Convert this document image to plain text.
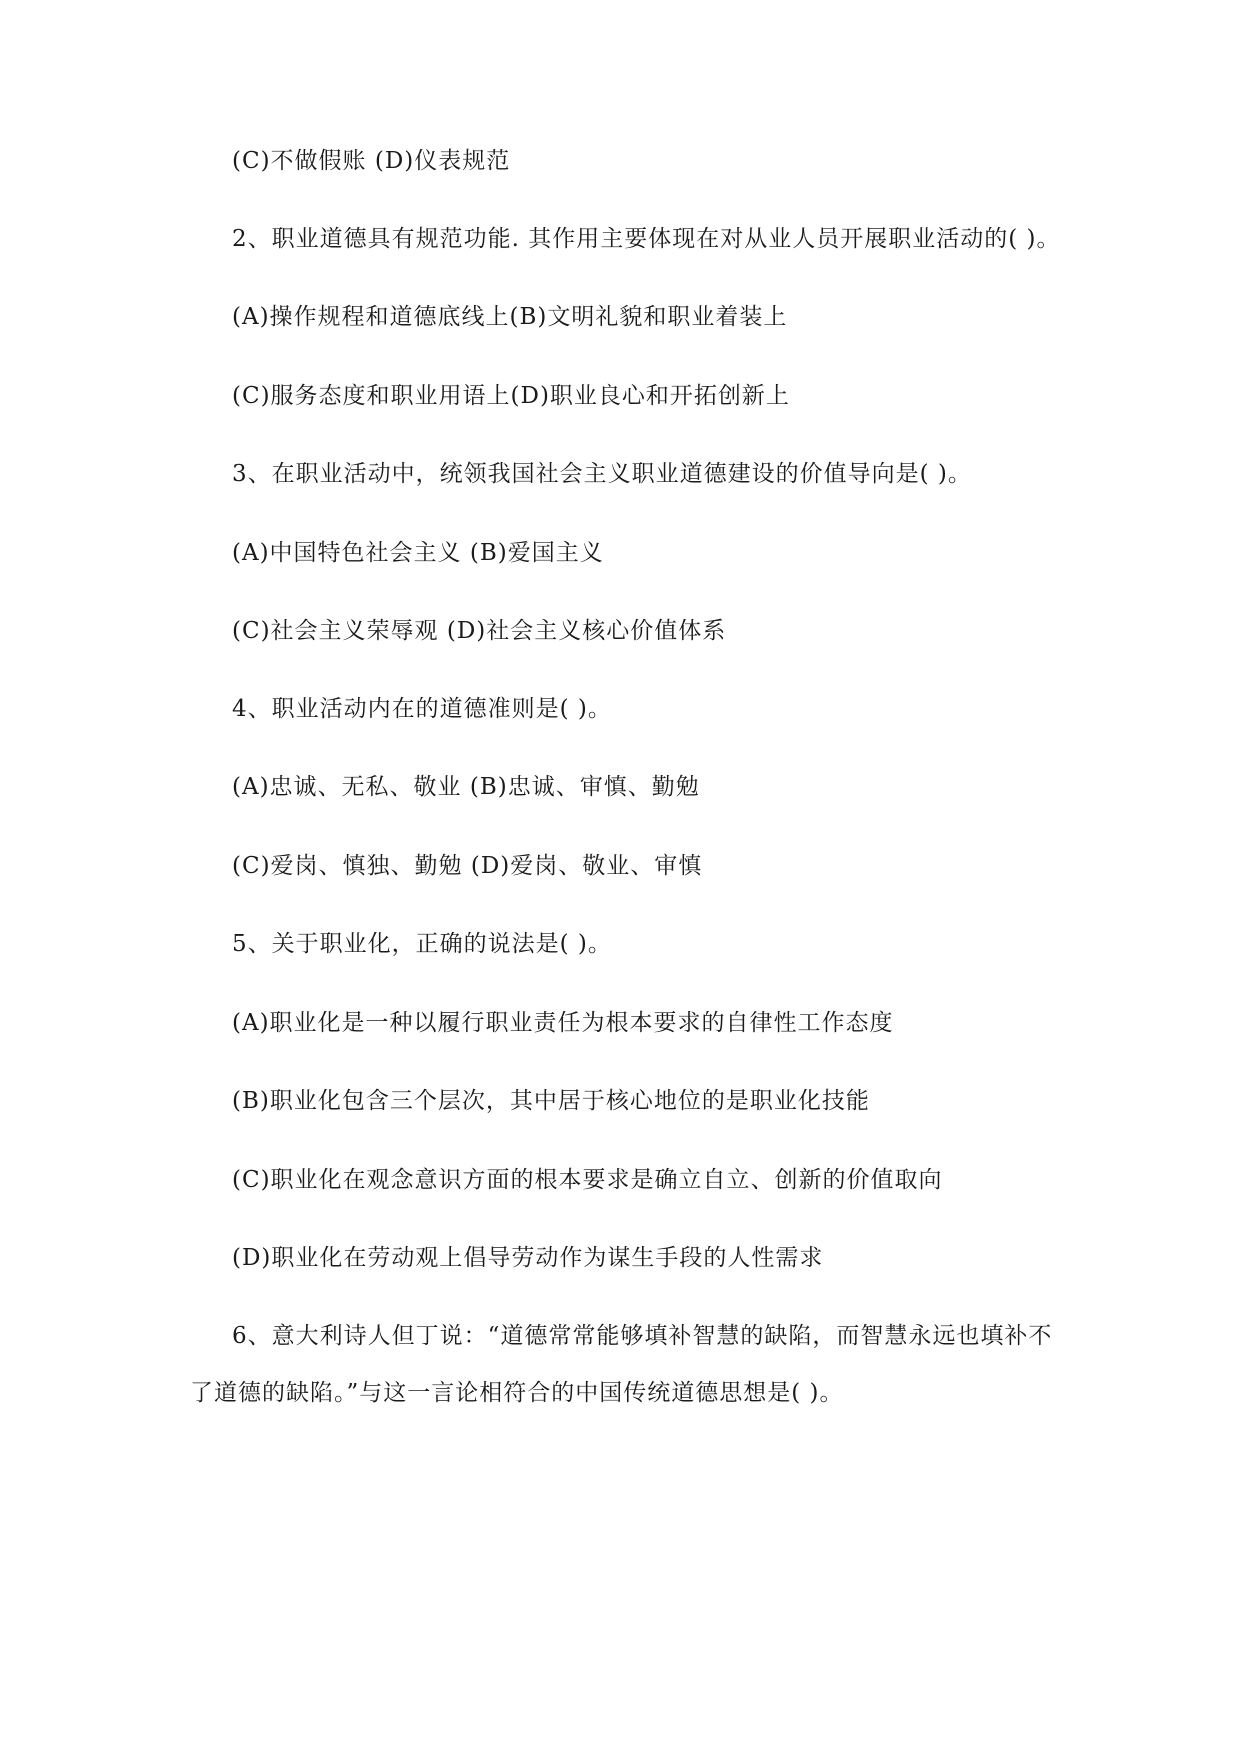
(C)不做假账 (D)仪表规范
2、职业道德具有规范功能. 其作用主要体现在对从业人员开展职业活动的( )。
(A)操作规程和道德底线上(B)文明礼貌和职业着装上
(C)服务态度和职业用语上(D)职业良心和开拓创新上
3、在职业活动中，统领我国社会主义职业道德建设的价值导向是( )。
(A)中国特色社会主义 (B)爱国主义
(C)社会主义荣辱观 (D)社会主义核心价值体系
4、职业活动内在的道德准则是( )。
(A)忠诚、无私、敬业 (B)忠诚、审慎、勤勉
(C)爱岗、慎独、勤勉 (D)爱岗、敬业、审慎
5、关于职业化，正确的说法是( )。
(A)职业化是一种以履行职业责任为根本要求的自律性工作态度
(B)职业化包含三个层次，其中居于核心地位的是职业化技能
(C)职业化在观念意识方面的根本要求是确立自立、创新的价值取向
(D)职业化在劳动观上倡导劳动作为谋生手段的人性需求
6、意大利诗人但丁说：“道德常常能够填补智慧的缺陷，而智慧永远也填补不
了道德的缺陷。”与这一言论相符合的中国传统道德思想是( )。
